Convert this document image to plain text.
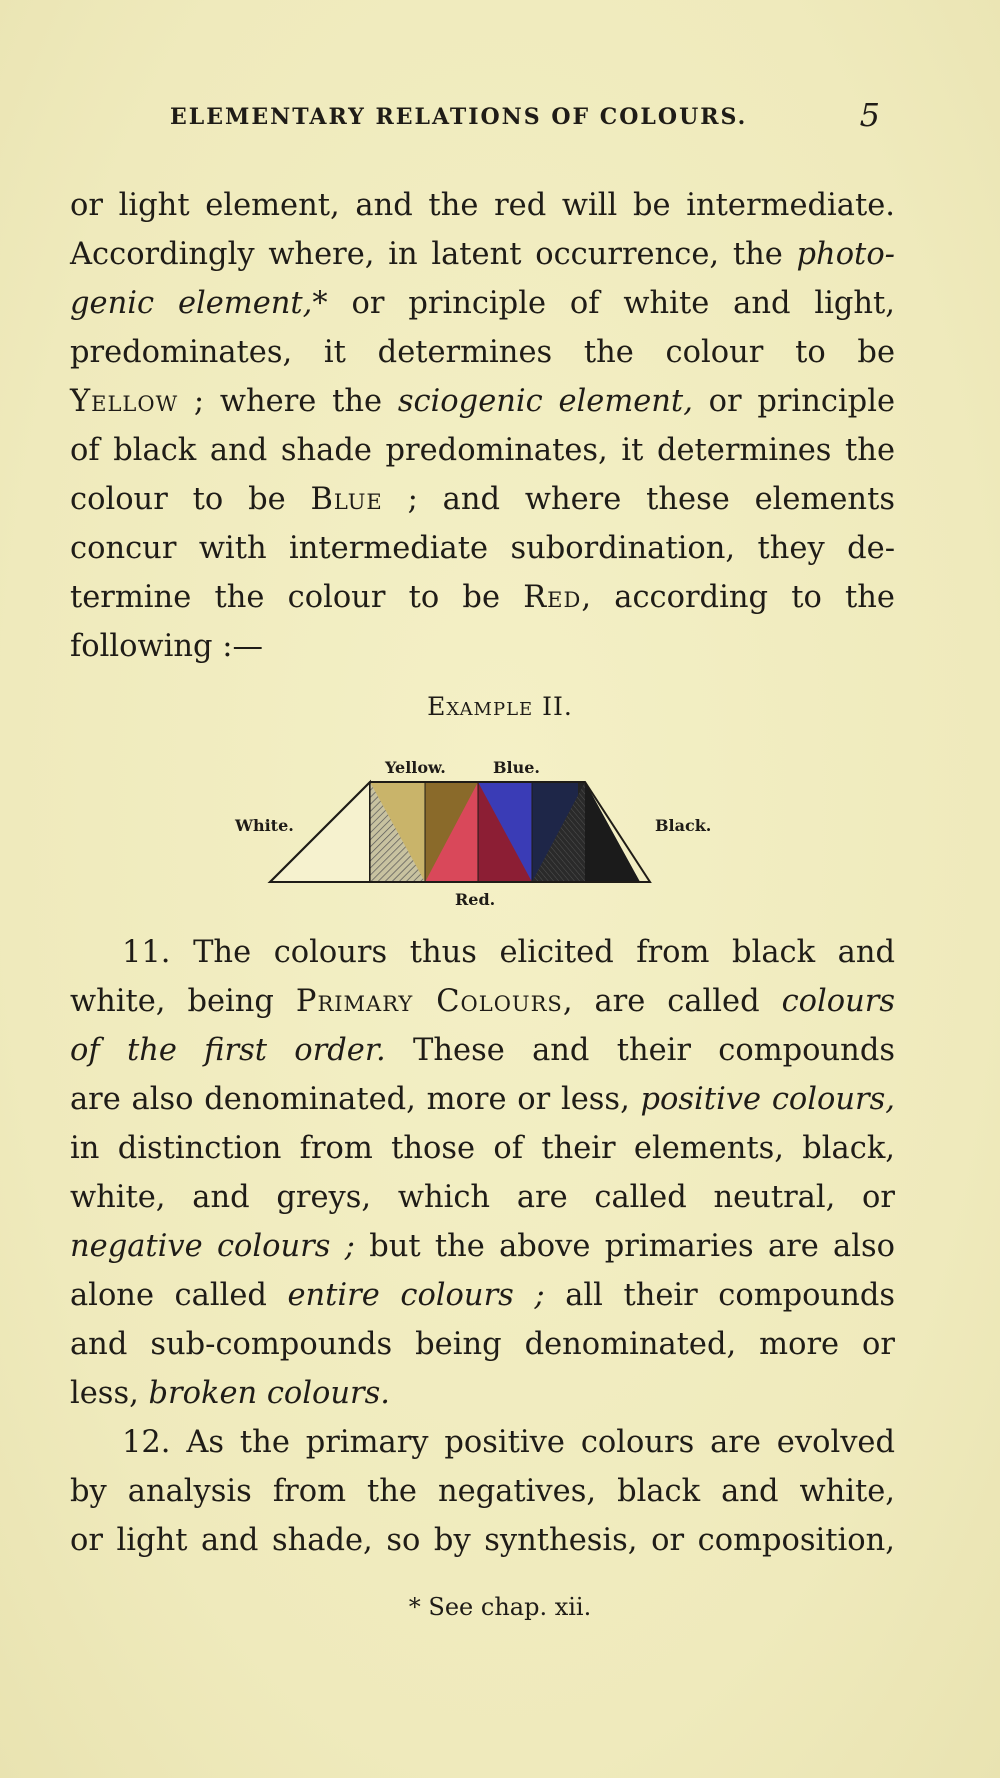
ELEMENTARY RELATIONS OF COLOURS.	5
or light element, and the red will be intermediate.
Accordingly where, in latent occurrence, the photo-
genic element,* or principle of white and light,
predominates, it determines the colour to be
Yellow ; where the sciogenic element, or principle
of black and shade predominates, it determines the
colour to be Blue ; and where these elements
concur with intermediate subordination, they de-
termine the colour to be Red, according to the
following :—
Example II.
Yellow.	Blue.
White.	Black.
Red.
11. The colours thus elicited from black and
white, being Primary Colours, are called colours
of the first order. These and their compounds
are also denominated, more or less, positive colours,
in distinction from those of their elements, black,
white, and greys, which are called neutral, or
negative colours ; but the above primaries are also
alone called entire colours ; all their compounds
and sub-compounds being denominated, more or
less, broken colours.
12. As the primary positive colours are evolved
by analysis from the negatives, black and white,
or light and shade, so by synthesis, or composition,
* See chap. xii.
